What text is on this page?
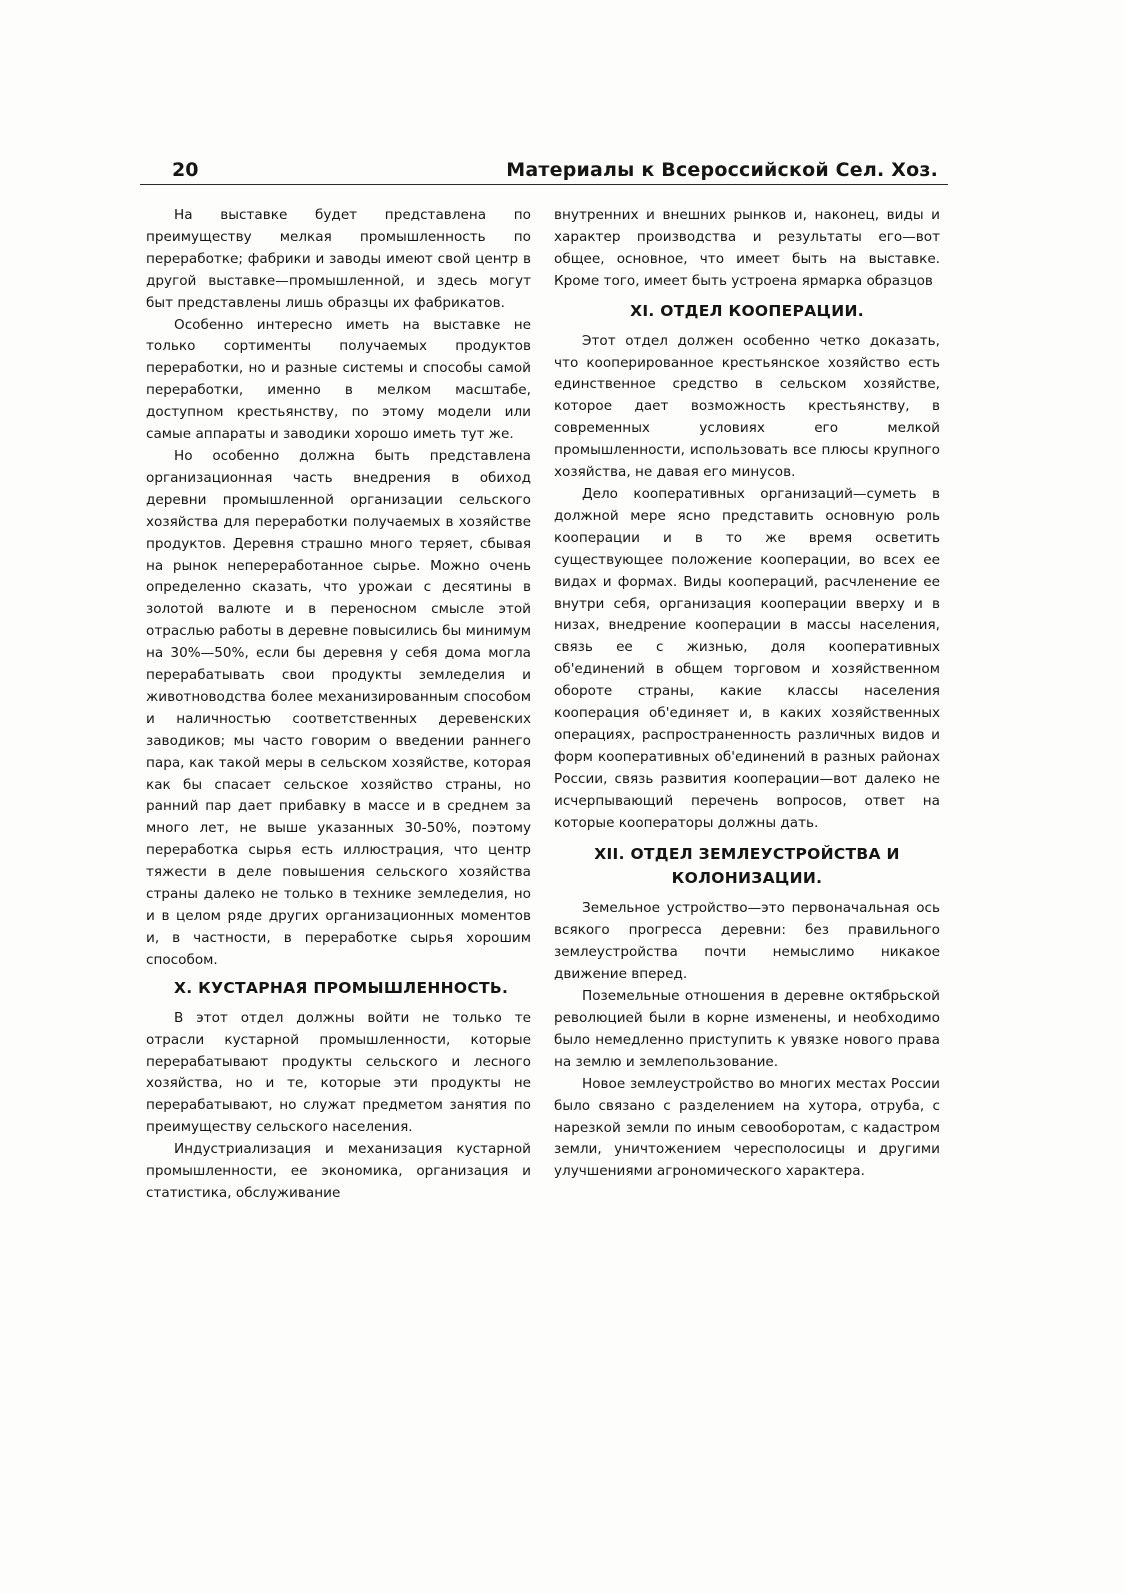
20	Материалы к Всероссийской Сел. Хоз.

На выставке будет представлена по преимуществу мелкая промышленность по переработке; фабрики и заводы имеют свой центр в другой выставке—промышленной, и здесь могут быт представлены лишь образцы их фабрикатов.

Особенно интересно иметь на выставке не только сортименты получаемых продуктов переработки, но и разные системы и способы самой переработки, именно в мелком масштабе, доступном крестьянству, по этому модели или самые аппараты и заводики хорошо иметь тут же.

Но особенно должна быть представлена организационная часть внедрения в обиход деревни промышленной организации сельского хозяйства для переработки получаемых в хозяйстве продуктов. Деревня страшно много теряет, сбывая на рынок непереработанное сырье. Можно очень определенно сказать, что урожаи с десятины в золотой валюте и в переносном смысле этой отраслью работы в деревне повысились бы минимум на 30%—50%, если бы деревня у себя дома могла перерабатывать свои продукты земледелия и животноводства более механизированным способом и наличностью соответственных деревенских заводиков; мы часто говорим о введении раннего пара, как такой меры в сельском хозяйстве, которая как бы спасает сельское хозяйство страны, но ранний пар дает прибавку в массе и в среднем за много лет, не выше указанных 30-50%, поэтому переработка сырья есть иллюстрация, что центр тяжести в деле повышения сельского хозяйства страны далеко не только в технике земледелия, но и в целом ряде других организационных моментов и, в частности, в переработке сырья хорошим способом.

X. КУСТАРНАЯ ПРОМЫШЛЕННОСТЬ.

В этот отдел должны войти не только те отрасли кустарной промышленности, которые перерабатывают продукты сельского и лесного хозяйства, но и те, которые эти продукты не перерабатывают, но служат предметом занятия по преимуществу сельского населения.

Индустриализация и механизация кустарной промышленности, ее экономика, организация и статистика, обслуживание

внутренних и внешних рынков и, наконец, виды и характер производства и результаты его—вот общее, основное, что имеет быть на выставке. Кроме того, имеет быть устроена ярмарка образцов

XI. ОТДЕЛ КООПЕРАЦИИ.

Этот отдел должен особенно четко доказать, что кооперированное крестьянское хозяйство есть единственное средство в сельском хозяйстве, которое дает возможность крестьянству, в современных условиях его мелкой промышленности, использовать все плюсы крупного хозяйства, не давая его минусов.

Дело кооперативных организаций—суметь в должной мере ясно представить основную роль кооперации и в то же время осветить существующее положение кооперации, во всех ее видах и формах. Виды коопераций, расчленение ее внутри себя, организация кооперации вверху и в низах, внедрение кооперации в массы населения, связь ее с жизнью, доля кооперативных об'единений в общем торговом и хозяйственном обороте страны, какие классы населения кооперация об'единяет и, в каких хозяйственных операциях, распространенность различных видов и форм кооперативных об'единений в разных районах России, связь развития кооперации—вот далеко не исчерпывающий перечень вопросов, ответ на которые кооператоры должны дать.

XII. ОТДЕЛ ЗЕМЛЕУСТРОЙСТВА И КОЛОНИЗАЦИИ.

Земельное устройство—это первоначальная ось всякого прогресса деревни: без правильного землеустройства почти немыслимо никакое движение вперед.

Поземельные отношения в деревне октябрьской революцией были в корне изменены, и необходимо было немедленно приступить к увязке нового права на землю и землепользование.

Новое землеустройство во многих местах России было связано с разделением на хутора, отруба, с нарезкой земли по иным севооборотам, с кадастром земли, уничтожением чересполосицы и другими улучшениями агрономического характера.
